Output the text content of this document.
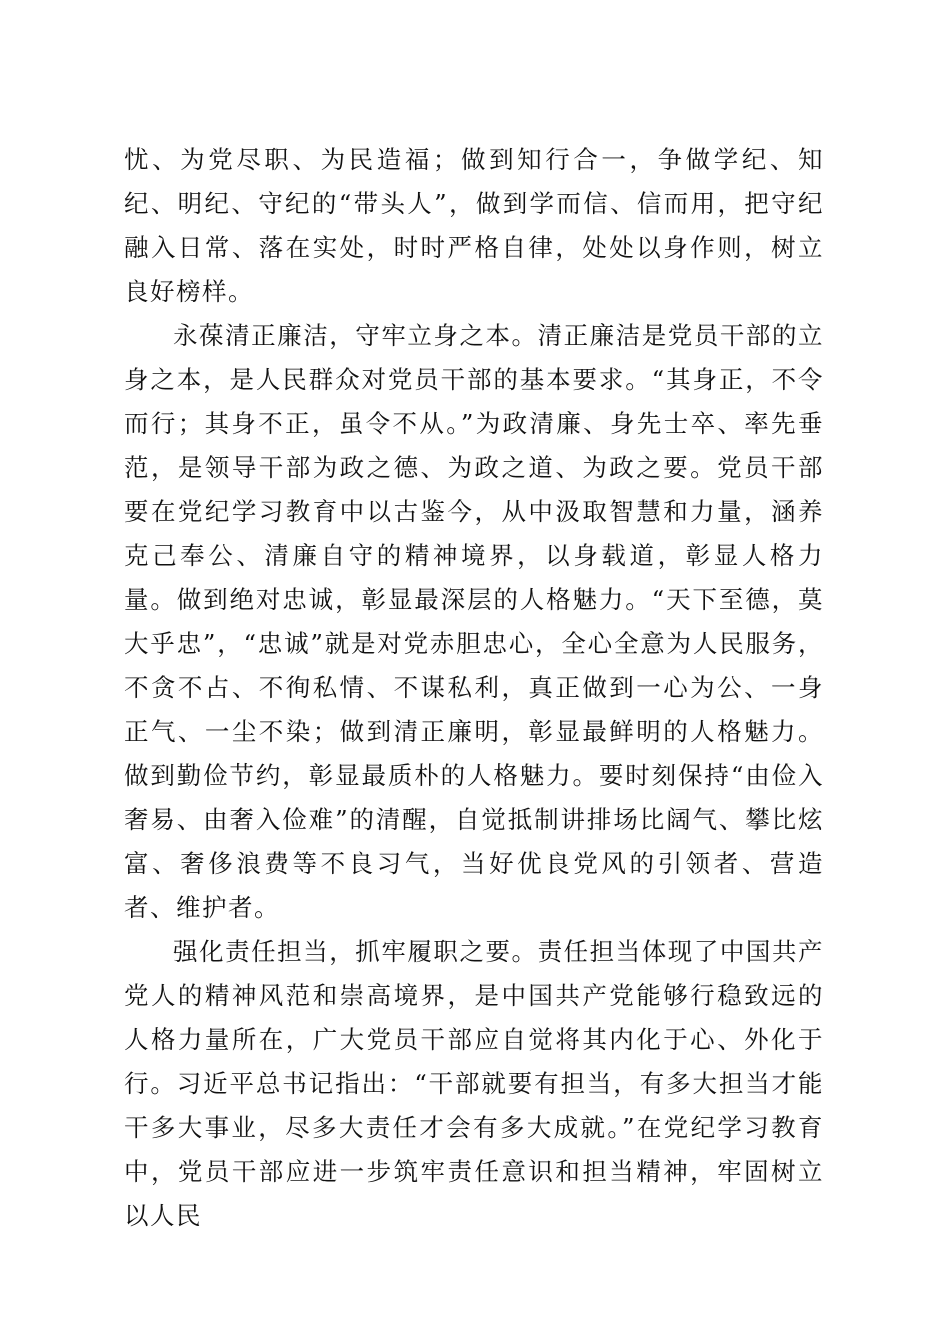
忧、为党尽职、为民造福；做到知行合一，争做学纪、知纪、明纪、守纪的“带头人”，做到学而信、信而用，把守纪融入日常、落在实处，时时严格自律，处处以身作则，树立良好榜样。

永葆清正廉洁，守牢立身之本。清正廉洁是党员干部的立身之本，是人民群众对党员干部的基本要求。“其身正，不令而行；其身不正，虽令不从。”为政清廉、身先士卒、率先垂范，是领导干部为政之德、为政之道、为政之要。党员干部要在党纪学习教育中以古鉴今，从中汲取智慧和力量，涵养克己奉公、清廉自守的精神境界，以身载道，彰显人格力量。做到绝对忠诚，彰显最深层的人格魅力。“天下至德，莫大乎忠”，“忠诚”就是对党赤胆忠心，全心全意为人民服务，不贪不占、不徇私情、不谋私利，真正做到一心为公、一身正气、一尘不染；做到清正廉明，彰显最鲜明的人格魅力。做到勤俭节约，彰显最质朴的人格魅力。要时刻保持“由俭入奢易、由奢入俭难”的清醒，自觉抵制讲排场比阔气、攀比炫富、奢侈浪费等不良习气，当好优良党风的引领者、营造者、维护者。

强化责任担当，抓牢履职之要。责任担当体现了中国共产党人的精神风范和崇高境界，是中国共产党能够行稳致远的人格力量所在，广大党员干部应自觉将其内化于心、外化于行。习近平总书记指出：“干部就要有担当，有多大担当才能干多大事业，尽多大责任才会有多大成就。”在党纪学习教育中，党员干部应进一步筑牢责任意识和担当精神，牢固树立以人民
